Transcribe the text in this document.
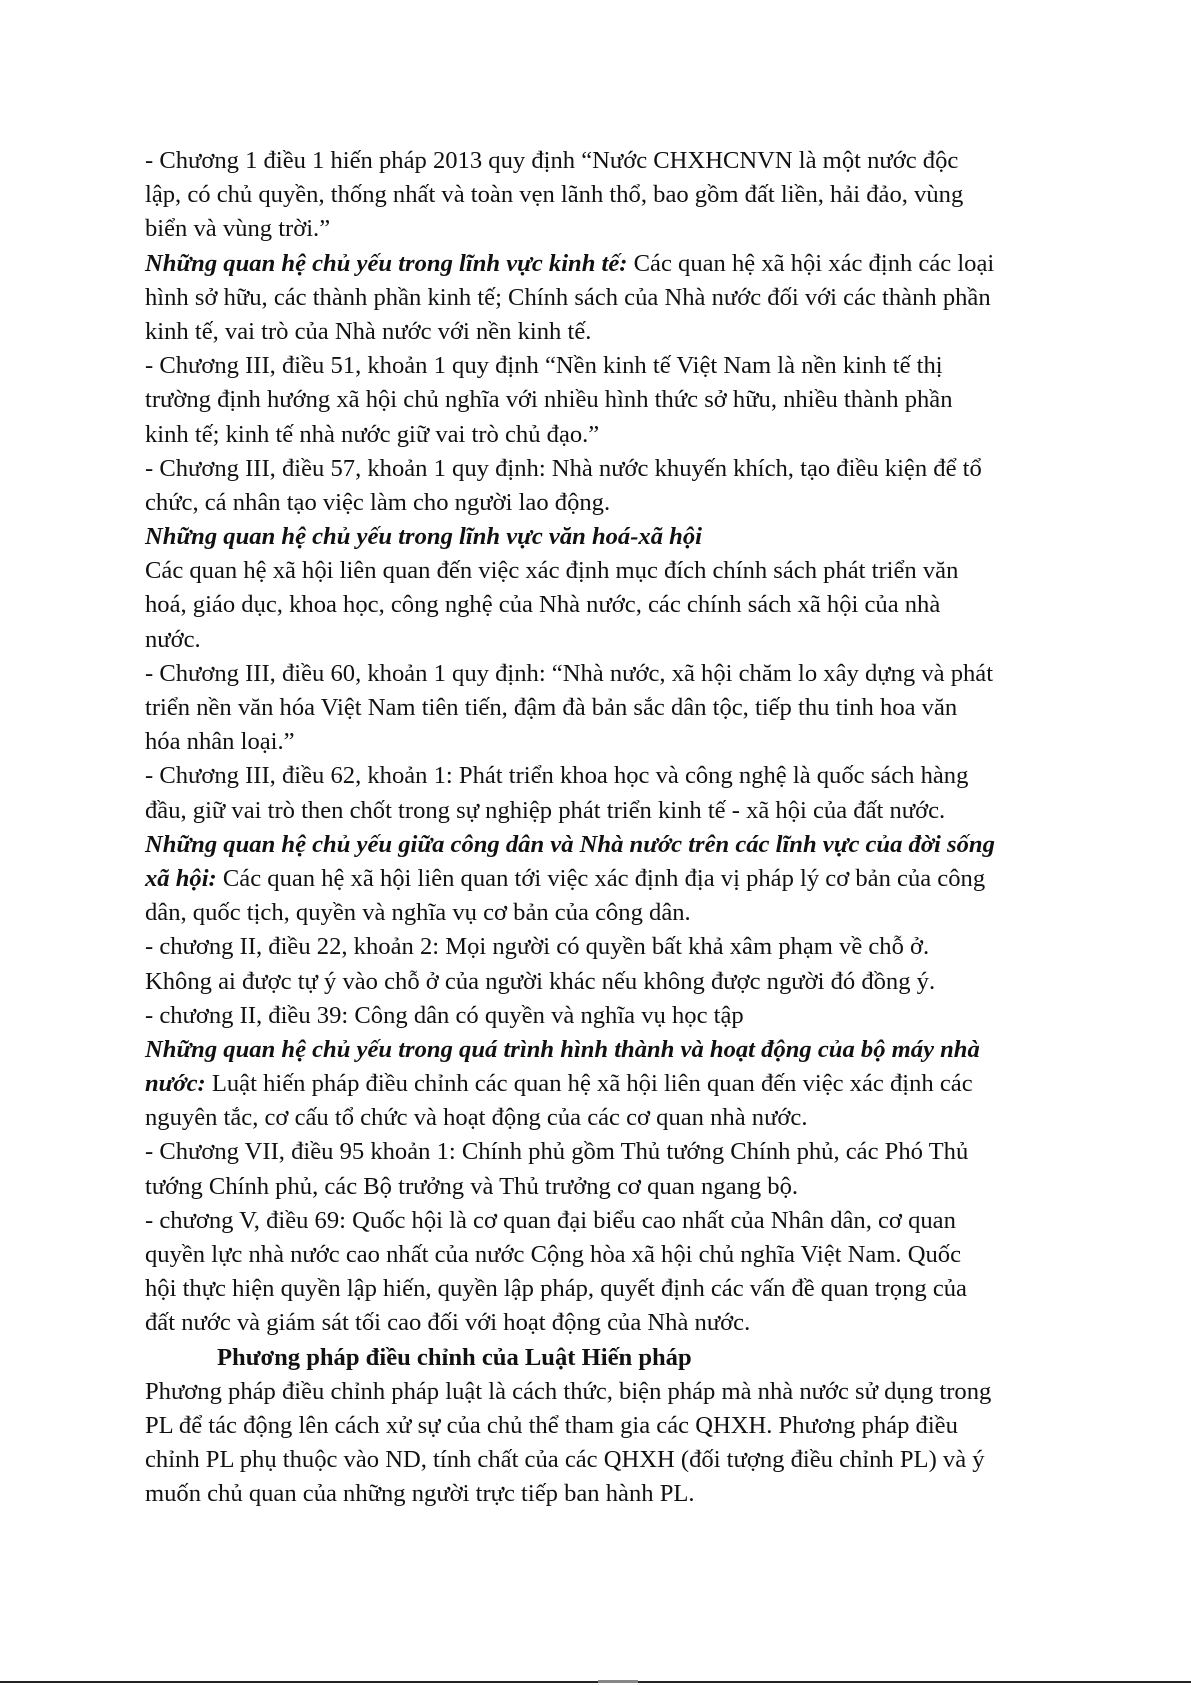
- Chương 1 điều 1 hiến pháp 2013 quy định “Nước CHXHCNVN là một nước độc
lập, có chủ quyền, thống nhất và toàn vẹn lãnh thổ, bao gồm đất liền, hải đảo, vùng
biển và vùng trời.”
Những quan hệ chủ yếu trong lĩnh vực kinh tế: Các quan hệ xã hội xác định các loại
hình sở hữu, các thành phần kinh tế; Chính sách của Nhà nước đối với các thành phần
kinh tế, vai trò của Nhà nước với nền kinh tế.
- Chương III, điều 51, khoản 1 quy định “Nền kinh tế Việt Nam là nền kinh tế thị
trường định hướng xã hội chủ nghĩa với nhiều hình thức sở hữu, nhiều thành phần
kinh tế; kinh tế nhà nước giữ vai trò chủ đạo.”
- Chương III, điều 57, khoản 1 quy định: Nhà nước khuyến khích, tạo điều kiện để tổ
chức, cá nhân tạo việc làm cho người lao động.
Những quan hệ chủ yếu trong lĩnh vực văn hoá-xã hội
Các quan hệ xã hội liên quan đến việc xác định mục đích chính sách phát triển văn
hoá, giáo dục, khoa học, công nghệ của Nhà nước, các chính sách xã hội của nhà
nước.
- Chương III, điều 60, khoản 1 quy định: “Nhà nước, xã hội chăm lo xây dựng và phát
triển nền văn hóa Việt Nam tiên tiến, đậm đà bản sắc dân tộc, tiếp thu tinh hoa văn
hóa nhân loại.”
- Chương III, điều 62, khoản 1: Phát triển khoa học và công nghệ là quốc sách hàng
đầu, giữ vai trò then chốt trong sự nghiệp phát triển kinh tế - xã hội của đất nước.
Những quan hệ chủ yếu giữa công dân và Nhà nước trên các lĩnh vực của đời sống
xã hội: Các quan hệ xã hội liên quan tới việc xác định địa vị pháp lý cơ bản của công
dân, quốc tịch, quyền và nghĩa vụ cơ bản của công dân.
- chương II, điều 22, khoản 2: Mọi người có quyền bất khả xâm phạm về chỗ ở.
Không ai được tự ý vào chỗ ở của người khác nếu không được người đó đồng ý.
- chương II, điều 39: Công dân có quyền và nghĩa vụ học tập
Những quan hệ chủ yếu trong quá trình hình thành và hoạt động của bộ máy nhà
nước: Luật hiến pháp điều chỉnh các quan hệ xã hội liên quan đến việc xác định các
nguyên tắc, cơ cấu tổ chức và hoạt động của các cơ quan nhà nước.
- Chương VII, điều 95 khoản 1: Chính phủ gồm Thủ tướng Chính phủ, các Phó Thủ
tướng Chính phủ, các Bộ trưởng và Thủ trưởng cơ quan ngang bộ.
- chương V, điều 69: Quốc hội là cơ quan đại biểu cao nhất của Nhân dân, cơ quan
quyền lực nhà nước cao nhất của nước Cộng hòa xã hội chủ nghĩa Việt Nam. Quốc
hội thực hiện quyền lập hiến, quyền lập pháp, quyết định các vấn đề quan trọng của
đất nước và giám sát tối cao đối với hoạt động của Nhà nước.
Phương pháp điều chỉnh của Luật Hiến pháp
Phương pháp điều chỉnh pháp luật là cách thức, biện pháp mà nhà nước sử dụng trong
PL để tác động lên cách xử sự của chủ thể tham gia các QHXH. Phương pháp điều
chỉnh PL phụ thuộc vào ND, tính chất của các QHXH (đối tượng điều chỉnh PL) và ý
muốn chủ quan của những người trực tiếp ban hành PL.
